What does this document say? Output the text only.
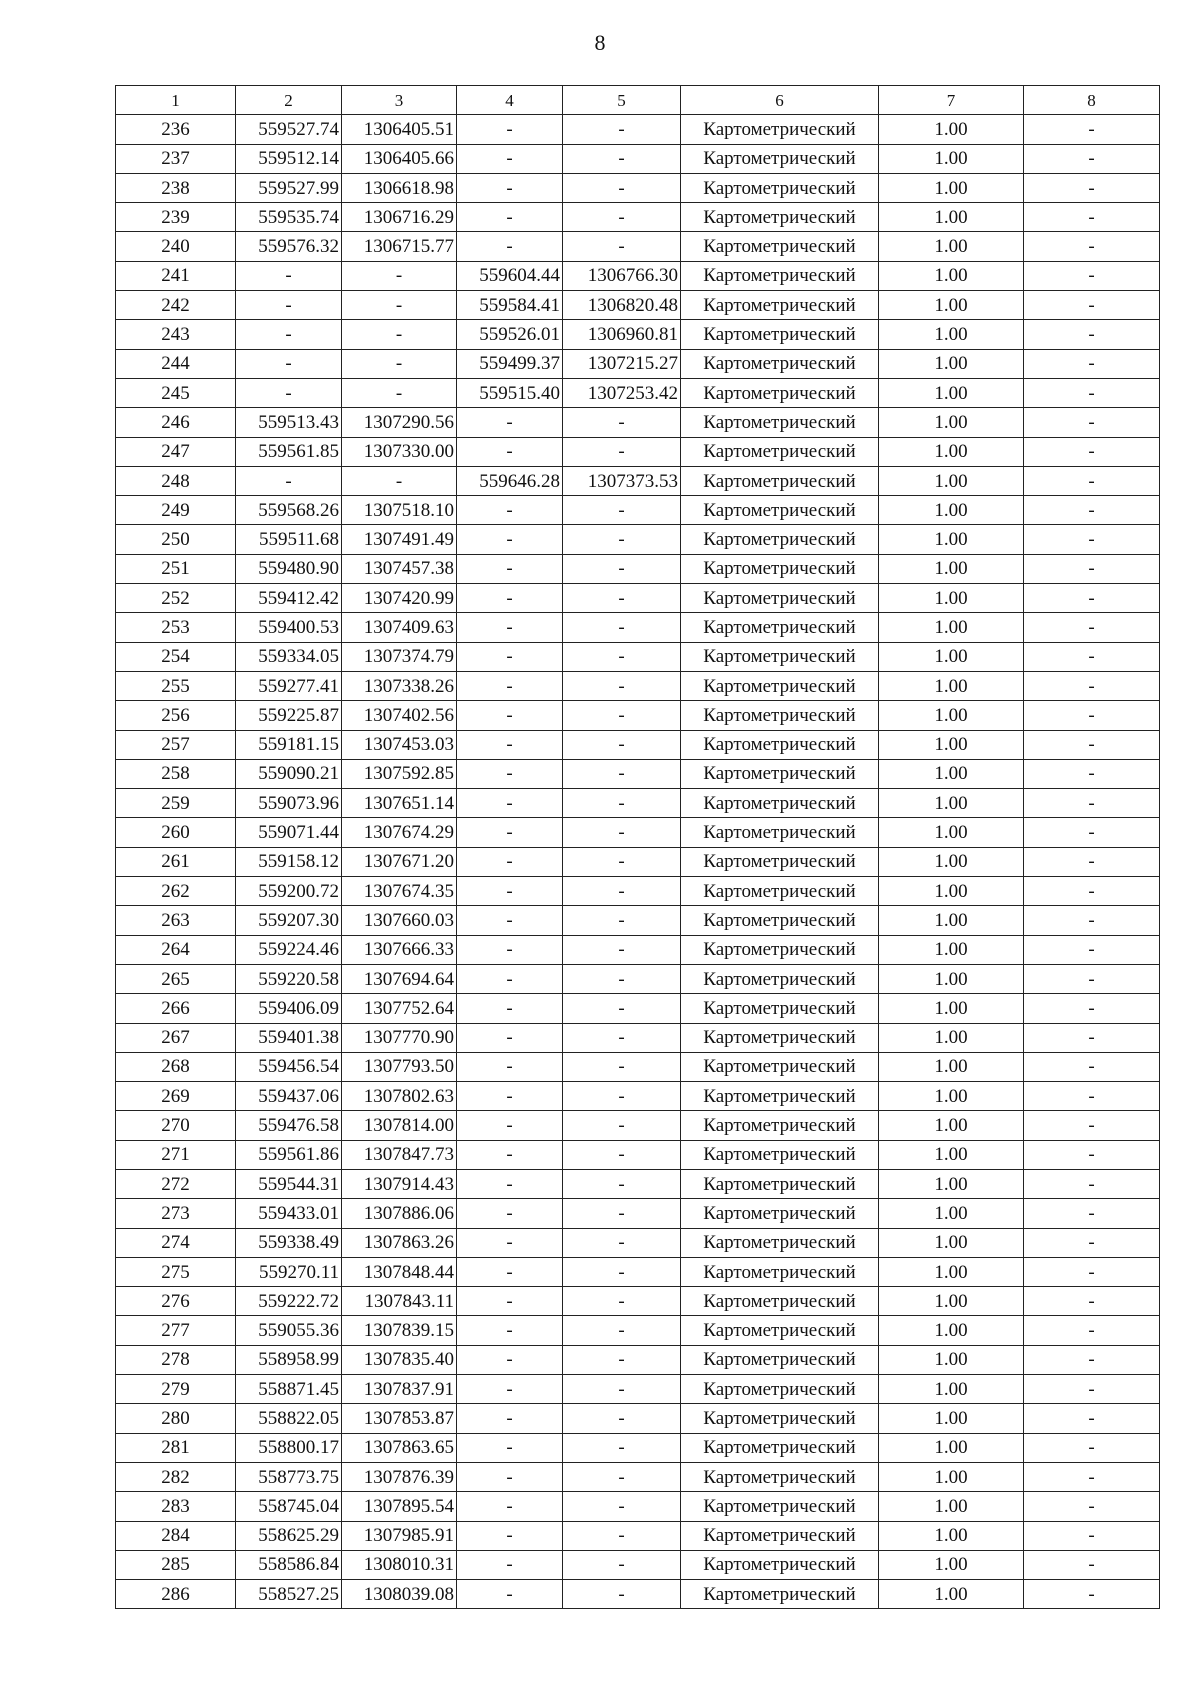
8
1	2	3	4	5	6	7	8
236	559527.74	1306405.51	-	-	Картометрический	1.00	-
237	559512.14	1306405.66	-	-	Картометрический	1.00	-
238	559527.99	1306618.98	-	-	Картометрический	1.00	-
239	559535.74	1306716.29	-	-	Картометрический	1.00	-
240	559576.32	1306715.77	-	-	Картометрический	1.00	-
241	-	-	559604.44	1306766.30	Картометрический	1.00	-
242	-	-	559584.41	1306820.48	Картометрический	1.00	-
243	-	-	559526.01	1306960.81	Картометрический	1.00	-
244	-	-	559499.37	1307215.27	Картометрический	1.00	-
245	-	-	559515.40	1307253.42	Картометрический	1.00	-
246	559513.43	1307290.56	-	-	Картометрический	1.00	-
247	559561.85	1307330.00	-	-	Картометрический	1.00	-
248	-	-	559646.28	1307373.53	Картометрический	1.00	-
249	559568.26	1307518.10	-	-	Картометрический	1.00	-
250	559511.68	1307491.49	-	-	Картометрический	1.00	-
251	559480.90	1307457.38	-	-	Картометрический	1.00	-
252	559412.42	1307420.99	-	-	Картометрический	1.00	-
253	559400.53	1307409.63	-	-	Картометрический	1.00	-
254	559334.05	1307374.79	-	-	Картометрический	1.00	-
255	559277.41	1307338.26	-	-	Картометрический	1.00	-
256	559225.87	1307402.56	-	-	Картометрический	1.00	-
257	559181.15	1307453.03	-	-	Картометрический	1.00	-
258	559090.21	1307592.85	-	-	Картометрический	1.00	-
259	559073.96	1307651.14	-	-	Картометрический	1.00	-
260	559071.44	1307674.29	-	-	Картометрический	1.00	-
261	559158.12	1307671.20	-	-	Картометрический	1.00	-
262	559200.72	1307674.35	-	-	Картометрический	1.00	-
263	559207.30	1307660.03	-	-	Картометрический	1.00	-
264	559224.46	1307666.33	-	-	Картометрический	1.00	-
265	559220.58	1307694.64	-	-	Картометрический	1.00	-
266	559406.09	1307752.64	-	-	Картометрический	1.00	-
267	559401.38	1307770.90	-	-	Картометрический	1.00	-
268	559456.54	1307793.50	-	-	Картометрический	1.00	-
269	559437.06	1307802.63	-	-	Картометрический	1.00	-
270	559476.58	1307814.00	-	-	Картометрический	1.00	-
271	559561.86	1307847.73	-	-	Картометрический	1.00	-
272	559544.31	1307914.43	-	-	Картометрический	1.00	-
273	559433.01	1307886.06	-	-	Картометрический	1.00	-
274	559338.49	1307863.26	-	-	Картометрический	1.00	-
275	559270.11	1307848.44	-	-	Картометрический	1.00	-
276	559222.72	1307843.11	-	-	Картометрический	1.00	-
277	559055.36	1307839.15	-	-	Картометрический	1.00	-
278	558958.99	1307835.40	-	-	Картометрический	1.00	-
279	558871.45	1307837.91	-	-	Картометрический	1.00	-
280	558822.05	1307853.87	-	-	Картометрический	1.00	-
281	558800.17	1307863.65	-	-	Картометрический	1.00	-
282	558773.75	1307876.39	-	-	Картометрический	1.00	-
283	558745.04	1307895.54	-	-	Картометрический	1.00	-
284	558625.29	1307985.91	-	-	Картометрический	1.00	-
285	558586.84	1308010.31	-	-	Картометрический	1.00	-
286	558527.25	1308039.08	-	-	Картометрический	1.00	-
